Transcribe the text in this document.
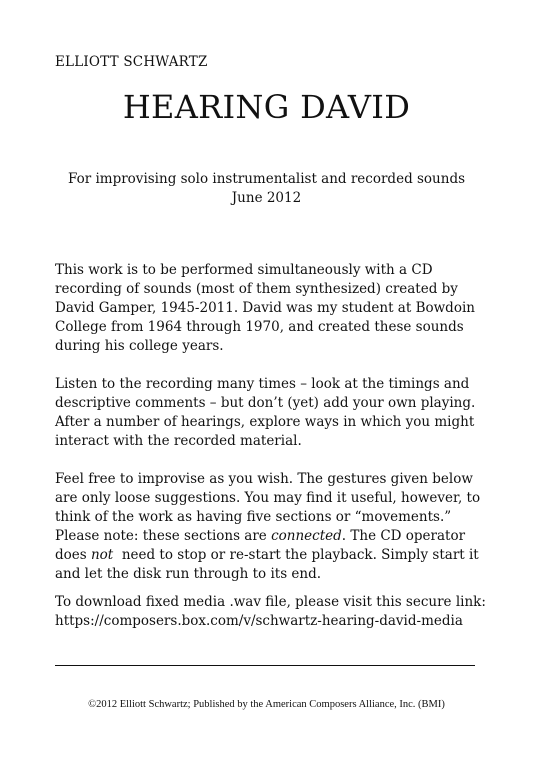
ELLIOTT SCHWARTZ
HEARING DAVID
For improvising solo instrumentalist and recorded sounds
June 2012
This work is to be performed simultaneously with a CD
recording of sounds (most of them synthesized) created by
David Gamper, 1945-2011. David was my student at Bowdoin
College from 1964 through 1970, and created these sounds
during his college years.
Listen to the recording many times – look at the timings and
descriptive comments – but don’t (yet) add your own playing.
After a number of hearings, explore ways in which you might
interact with the recorded material.
Feel free to improvise as you wish. The gestures given below
are only loose suggestions. You may find it useful, however, to
think of the work as having five sections or “movements.”
Please note: these sections are connected. The CD operator
does not  need to stop or re-start the playback. Simply start it
and let the disk run through to its end.
To download fixed media .wav file, please visit this secure link:
https://composers.box.com/v/schwartz-hearing-david-media
©2012 Elliott Schwartz; Published by the American Composers Alliance, Inc. (BMI)
